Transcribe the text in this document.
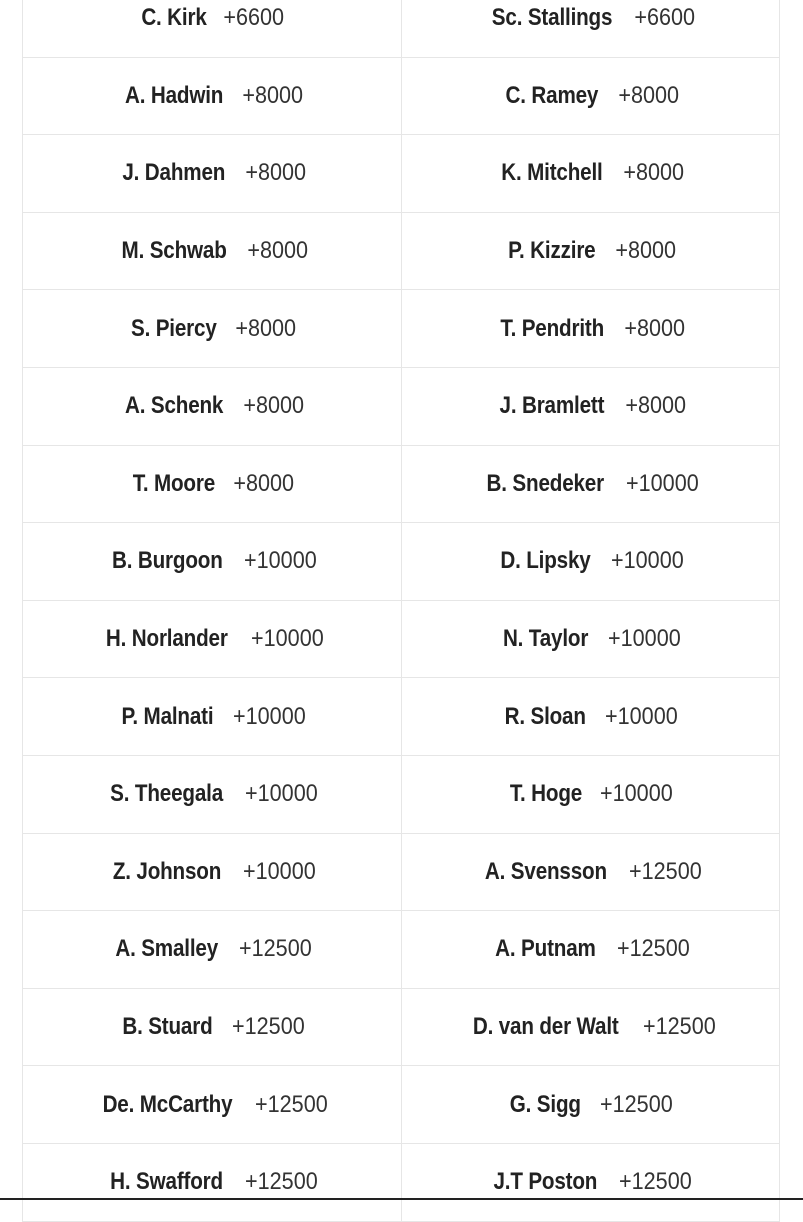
C. Kirk +6600	Sc. Stallings +6600
A. Hadwin +8000	C. Ramey +8000
J. Dahmen +8000	K. Mitchell +8000
M. Schwab +8000	P. Kizzire +8000
S. Piercy +8000	T. Pendrith +8000
A. Schenk +8000	J. Bramlett +8000
T. Moore +8000	B. Snedeker +10000
B. Burgoon +10000	D. Lipsky +10000
H. Norlander +10000	N. Taylor +10000
P. Malnati +10000	R. Sloan +10000
S. Theegala +10000	T. Hoge +10000
Z. Johnson +10000	A. Svensson +12500
A. Smalley +12500	A. Putnam +12500
B. Stuard +12500	D. van der Walt +12500
De. McCarthy +12500	G. Sigg +12500
H. Swafford +12500	J.T Poston +12500
